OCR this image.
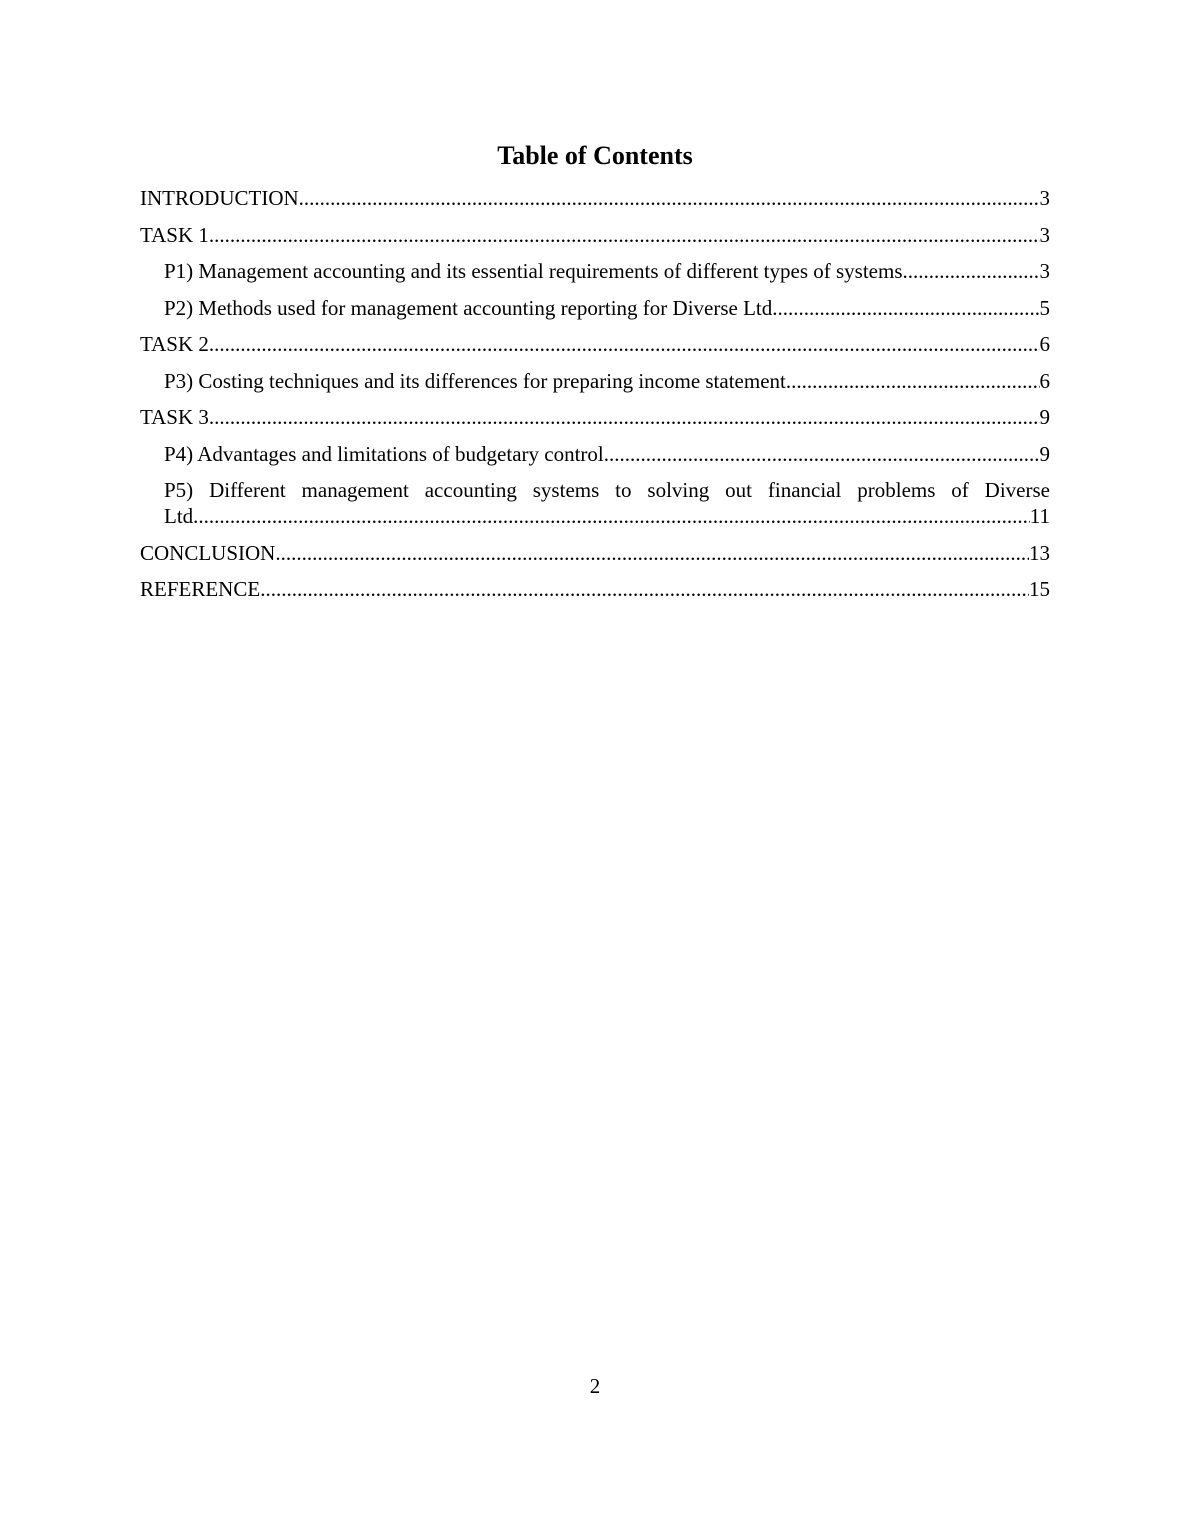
Table of Contents
INTRODUCTION .....	3
TASK 1 .....	3
P1) Management accounting and its essential requirements of different types of systems .....	3
P2) Methods used for management accounting reporting for Diverse Ltd .....	5
TASK 2 .....	6
P3) Costing techniques and its differences for preparing income statement .....	6
TASK 3 .....	9
P4) Advantages and limitations of budgetary control .....	9
P5) Different management accounting systems to solving out financial problems of Diverse
Ltd .....	11
CONCLUSION .....	13
REFERENCE .....	15
2
